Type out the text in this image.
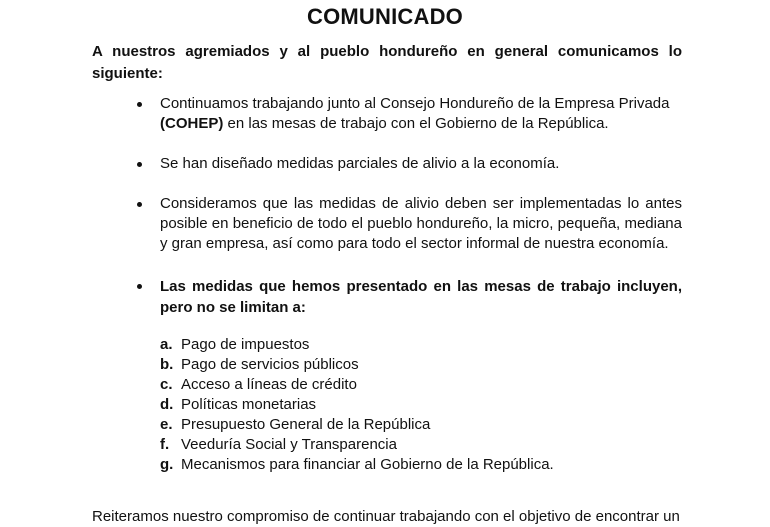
COMUNICADO
A nuestros agremiados y al pueblo hondureño en general comunicamos lo siguiente:
Continuamos trabajando junto al Consejo Hondureño de la Empresa Privada (COHEP) en las mesas de trabajo con el Gobierno de la República.
Se han diseñado medidas parciales de alivio a la economía.
Consideramos que las medidas de alivio deben ser implementadas lo antes posible en beneficio de todo el pueblo hondureño, la micro, pequeña, mediana y gran empresa, así como para todo el sector informal de nuestra economía.
Las medidas que hemos presentado en las mesas de trabajo incluyen, pero no se limitan a:
a. Pago de impuestos
b. Pago de servicios públicos
c. Acceso a líneas de crédito
d. Políticas monetarias
e. Presupuesto General de la República
f. Veeduría Social y Transparencia
g. Mecanismos para financiar al Gobierno de la República.
Reiteramos nuestro compromiso de continuar trabajando con el objetivo de encontrar un
